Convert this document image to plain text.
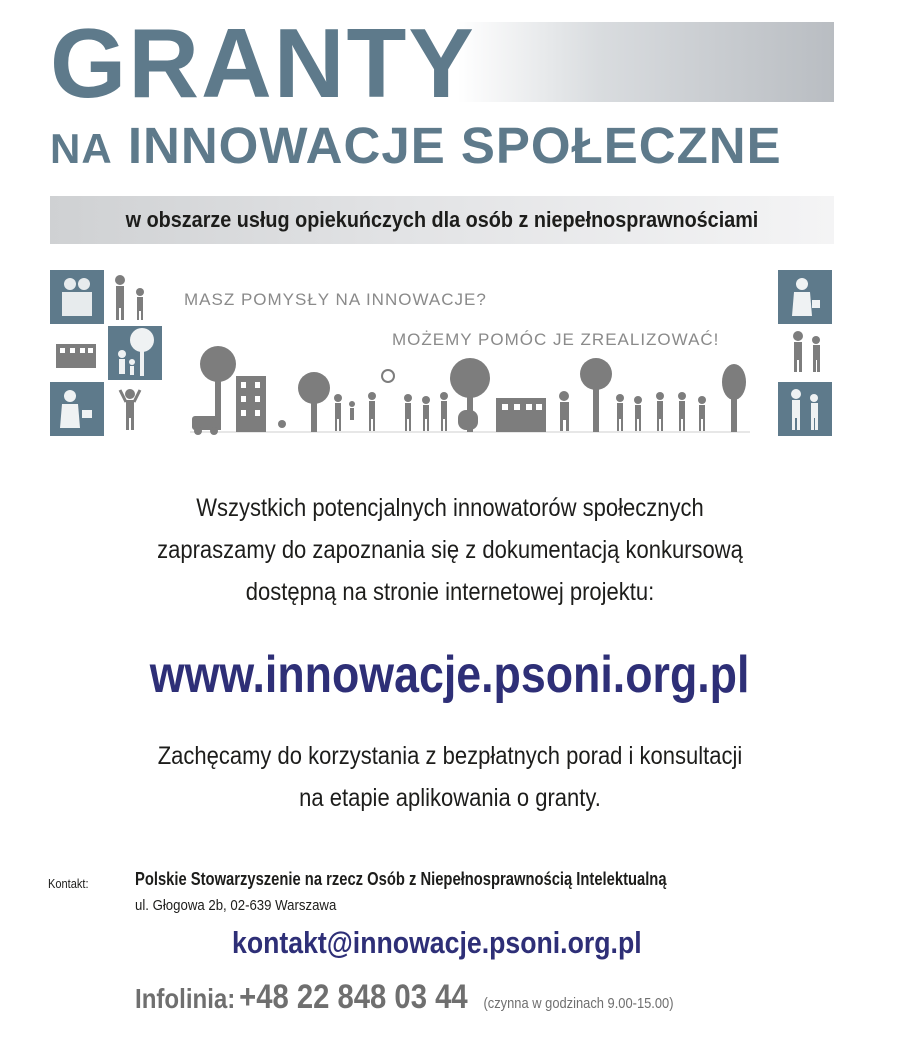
GRANTY
NA INNOWACJE SPOŁECZNE
w obszarze usług opiekuńczych dla osób z niepełnosprawnościami
MASZ POMYSŁY NA INNOWACJE?
MOŻEMY POMÓC JE ZREALIZOWAĆ!
Wszystkich potencjalnych innowatorów społecznych
zapraszamy do zapoznania się z dokumentacją konkursową
dostępną na stronie internetowej projektu:
www.innowacje.psoni.org.pl
Zachęcamy do korzystania z bezpłatnych porad i konsultacji
na etapie aplikowania o granty.
Kontakt:	Polskie Stowarzyszenie na rzecz Osób z Niepełnosprawnością Intelektualną
ul. Głogowa 2b, 02-639 Warszawa
kontakt@innowacje.psoni.org.pl
Infolinia: +48 22 848 03 44 (czynna w godzinach 9.00-15.00)
